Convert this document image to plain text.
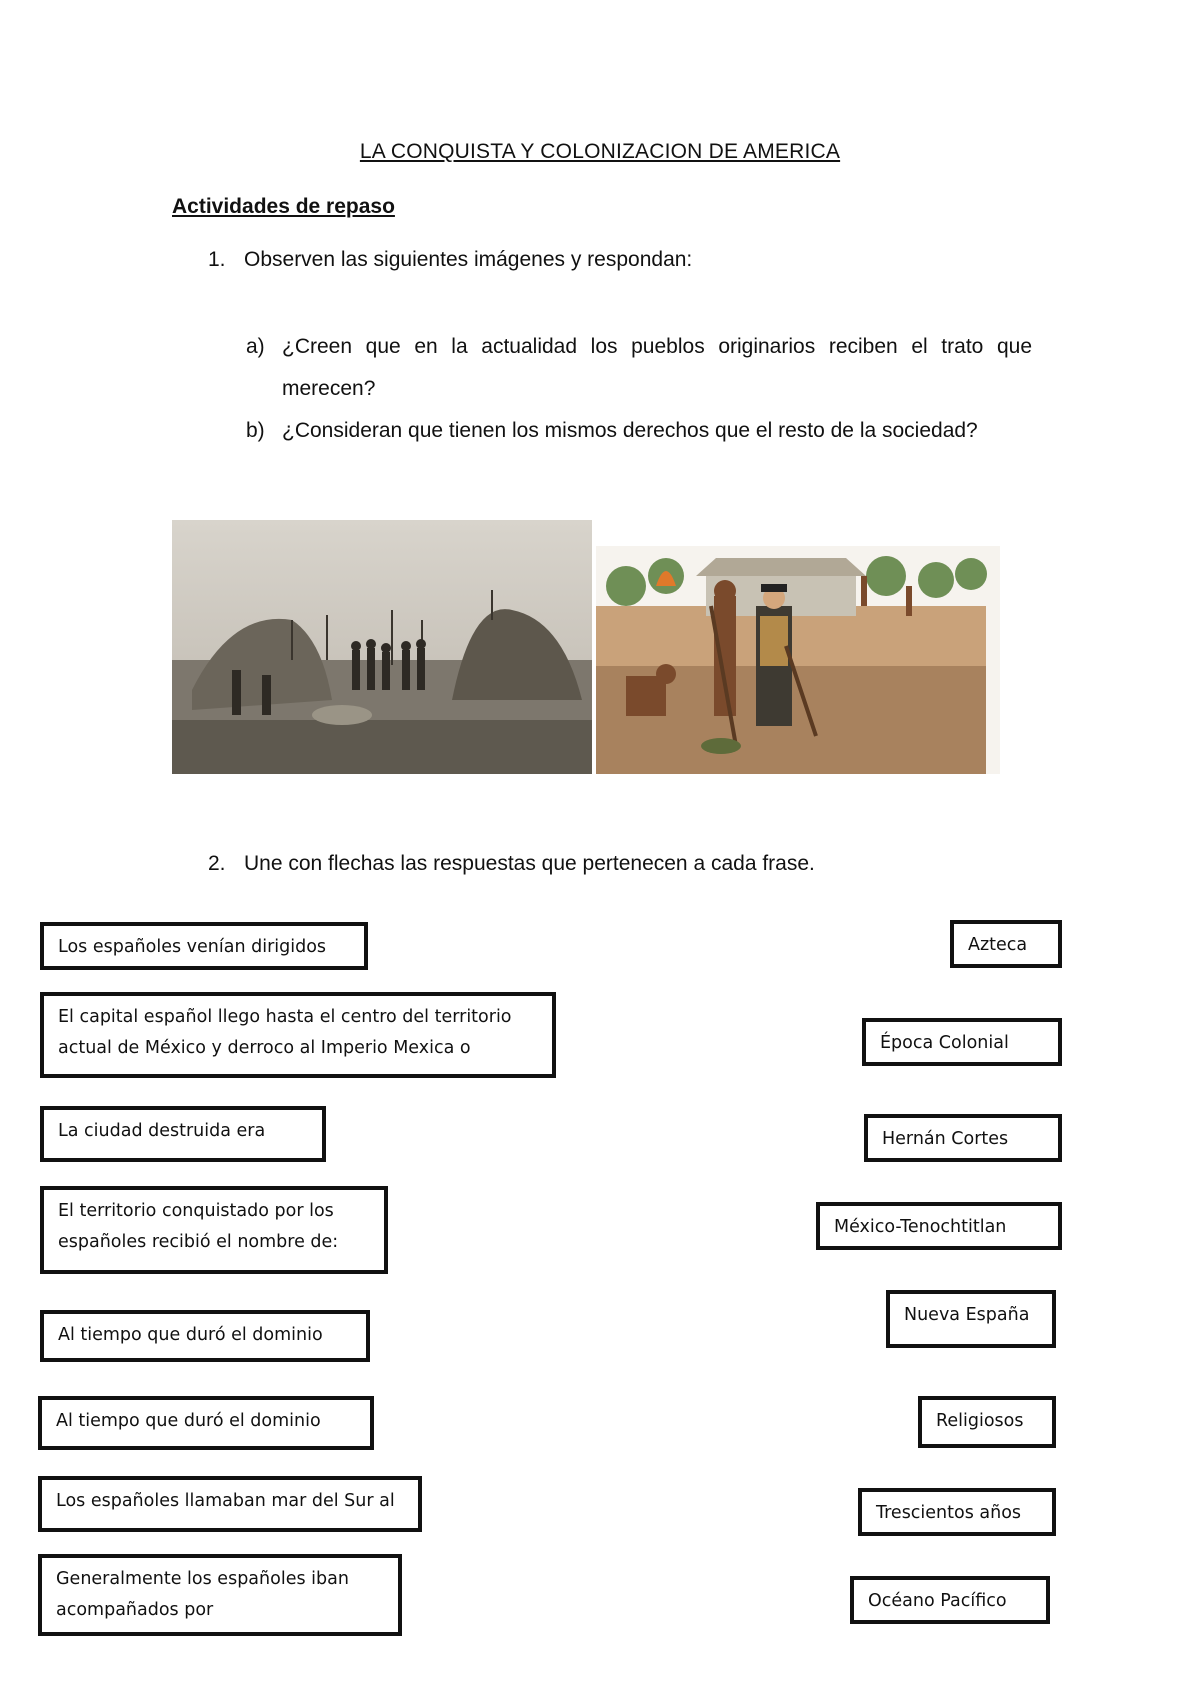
LA CONQUISTA Y COLONIZACION DE AMERICA
Actividades de repaso
1. Observen las siguientes imágenes y respondan:
a) ¿Creen que en la actualidad los pueblos originarios reciben el trato que merecen?
b) ¿Consideran que tienen los mismos derechos que el resto de la sociedad?
2. Une con flechas las respuestas que pertenecen a cada frase.
Los españoles venían dirigidos
El capital español llego hasta el centro del territorio actual de México y derroco al Imperio Mexica o
La ciudad destruida era
El territorio conquistado por los españoles recibió el nombre de:
Al tiempo que duró el dominio
Al tiempo que duró el dominio
Los españoles llamaban mar del Sur al
Generalmente los españoles iban acompañados por
Azteca
Época Colonial
Hernán Cortes
México-Tenochtitlan
Nueva España
Religiosos
Trescientos años
Océano Pacífico
